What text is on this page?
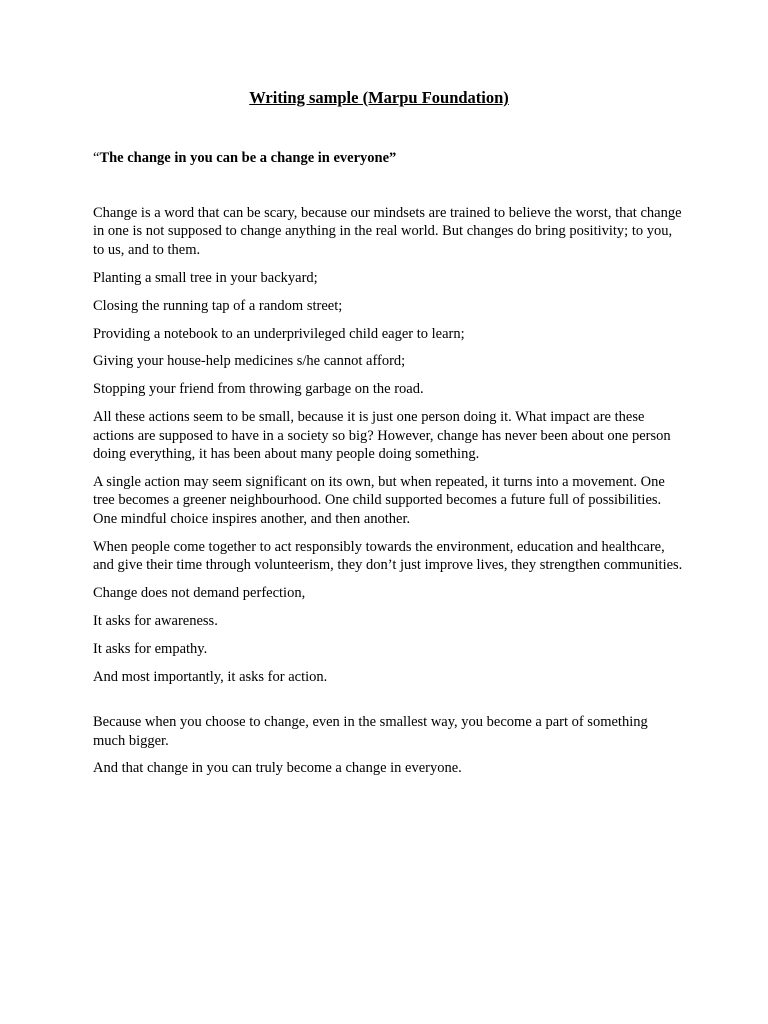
Writing sample (Marpu Foundation)
“The change in you can be a change in everyone”

Change is a word that can be scary, because our mindsets are trained to believe the worst, that change in one is not supposed to change anything in the real world. But changes do bring positivity; to you, to us, and to them.

Planting a small tree in your backyard;

Closing the running tap of a random street;

Providing a notebook to an underprivileged child eager to learn;

Giving your house-help medicines s/he cannot afford;

Stopping your friend from throwing garbage on the road.

All these actions seem to be small, because it is just one person doing it. What impact are these actions are supposed to have in a society so big? However, change has never been about one person doing everything, it has been about many people doing something.

A single action may seem significant on its own, but when repeated, it turns into a movement. One tree becomes a greener neighbourhood. One child supported becomes a future full of possibilities. One mindful choice inspires another, and then another.

When people come together to act responsibly towards the environment, education and healthcare, and give their time through volunteerism, they don’t just improve lives, they strengthen communities.

Change does not demand perfection,

It asks for awareness.

It asks for empathy.

And most importantly, it asks for action.

Because when you choose to change, even in the smallest way, you become a part of something much bigger.

And that change in you can truly become a change in everyone.
